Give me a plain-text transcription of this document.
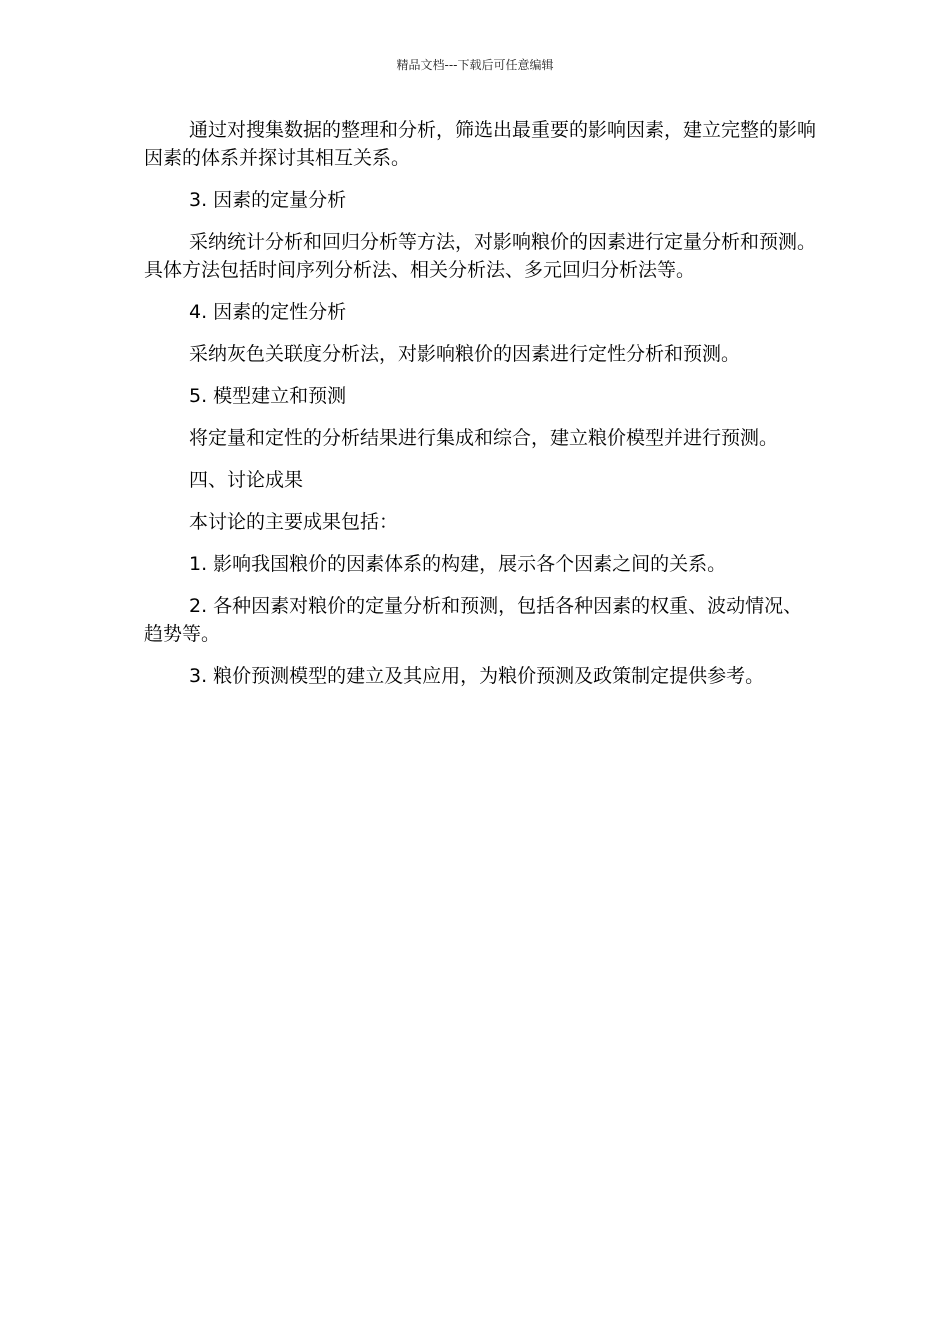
精品文档---下载后可任意编辑

通过对搜集数据的整理和分析，筛选出最重要的影响因素，建立完整的影响因素的体系并探讨其相互关系。

3. 因素的定量分析

采纳统计分析和回归分析等方法，对影响粮价的因素进行定量分析和预测。具体方法包括时间序列分析法、相关分析法、多元回归分析法等。

4. 因素的定性分析

采纳灰色关联度分析法，对影响粮价的因素进行定性分析和预测。

5. 模型建立和预测

将定量和定性的分析结果进行集成和综合，建立粮价模型并进行预测。

四、讨论成果

本讨论的主要成果包括：

1. 影响我国粮价的因素体系的构建，展示各个因素之间的关系。

2. 各种因素对粮价的定量分析和预测，包括各种因素的权重、波动情况、趋势等。

3. 粮价预测模型的建立及其应用，为粮价预测及政策制定提供参考。
